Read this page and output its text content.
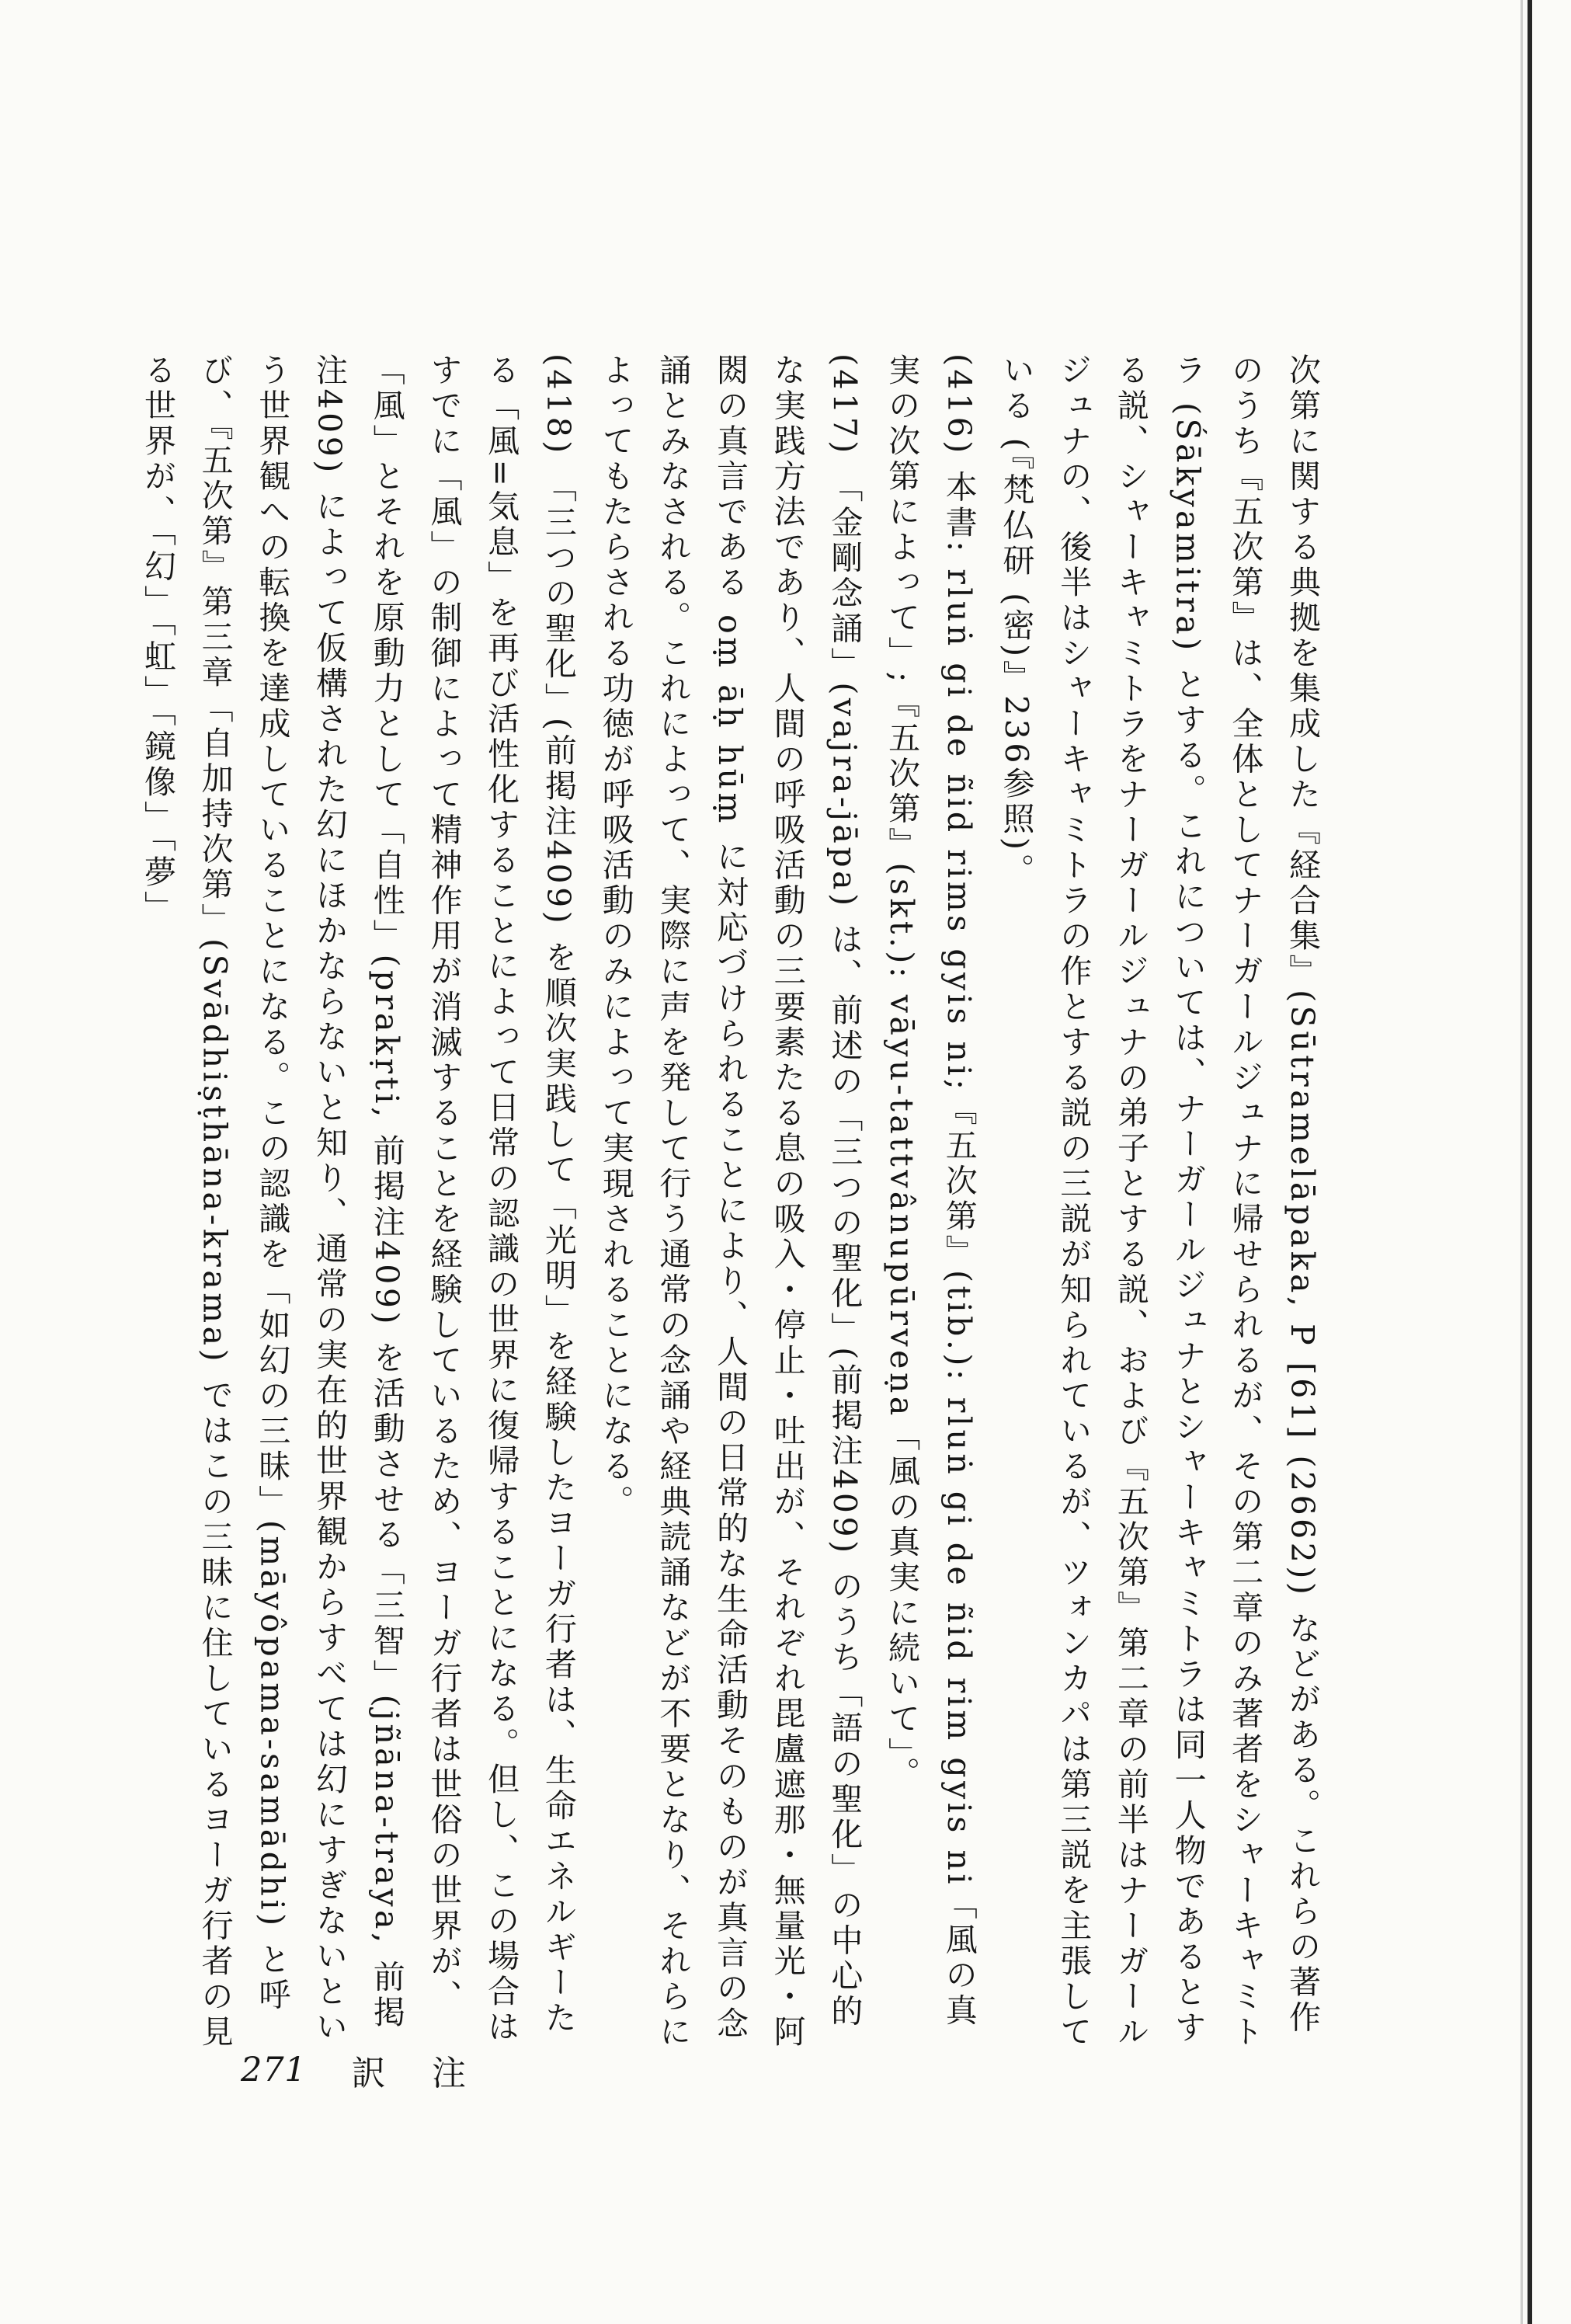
次第に関する典拠を集成した『経合集』(Sūtramelāpaka, P [61] (2662)) などがある。これらの著作のうち『五次第』は、全体としてナーガールジュナに帰せられるが、その第二章のみ著者をシャーキャミトラ (Śākyamitra) とする。これについては、ナーガールジュナとシャーキャミトラは同一人物であるとする説、シャーキャミトラをナーガールジュナの弟子とする説、および『五次第』第二章の前半はナーガールジュナの、後半はシャーキャミトラの作とする説の三説が知られているが、ツォンカパは第三説を主張している (『梵仏研 (密)』236参照)。

(416) 本書: rluṅ gi de ñid rims gyis ni;『五次第』(tib.): rluṅ gi de ñid rim gyis ni「風の真実の次第によって」;『五次第』(skt.): vāyu-tattvânupūrveṇa「風の真実に続いて」。

(417) 「金剛念誦」(vajra-jāpa) は、前述の「三つの聖化」(前掲注409) のうち「語の聖化」の中心的な実践方法であり、人間の呼吸活動の三要素たる息の吸入・停止・吐出が、それぞれ毘盧遮那・無量光・阿閦の真言である oṃ āḥ hūṃ に対応づけられることにより、人間の日常的な生命活動そのものが真言の念誦とみなされる。これによって、実際に声を発して行う通常の念誦や経典読誦などが不要となり、それらによってもたらされる功徳が呼吸活動のみによって実現されることになる。

(418) 「三つの聖化」(前掲注409) を順次実践して「光明」を経験したヨーガ行者は、生命エネルギーたる「風=気息」を再び活性化することによって日常の認識の世界に復帰することになる。但し、この場合はすでに「風」の制御によって精神作用が消滅することを経験しているため、ヨーガ行者は世俗の世界が、「風」とそれを原動力として「自性」(prakṛti, 前掲注409) を活動させる「三智」(jñāna-traya, 前掲注409) によって仮構された幻にほかならないと知り、通常の実在的世界観からすべては幻にすぎないという世界観への転換を達成していることになる。この認識を「如幻の三昧」(māyôpama-samādhi) と呼び、『五次第』第三章「自加持次第」(Svādhiṣṭhāna-krama) ではこの三昧に住しているヨーガ行者の見る世界が、「幻」「虹」「鏡像」「夢」

271 訳注
